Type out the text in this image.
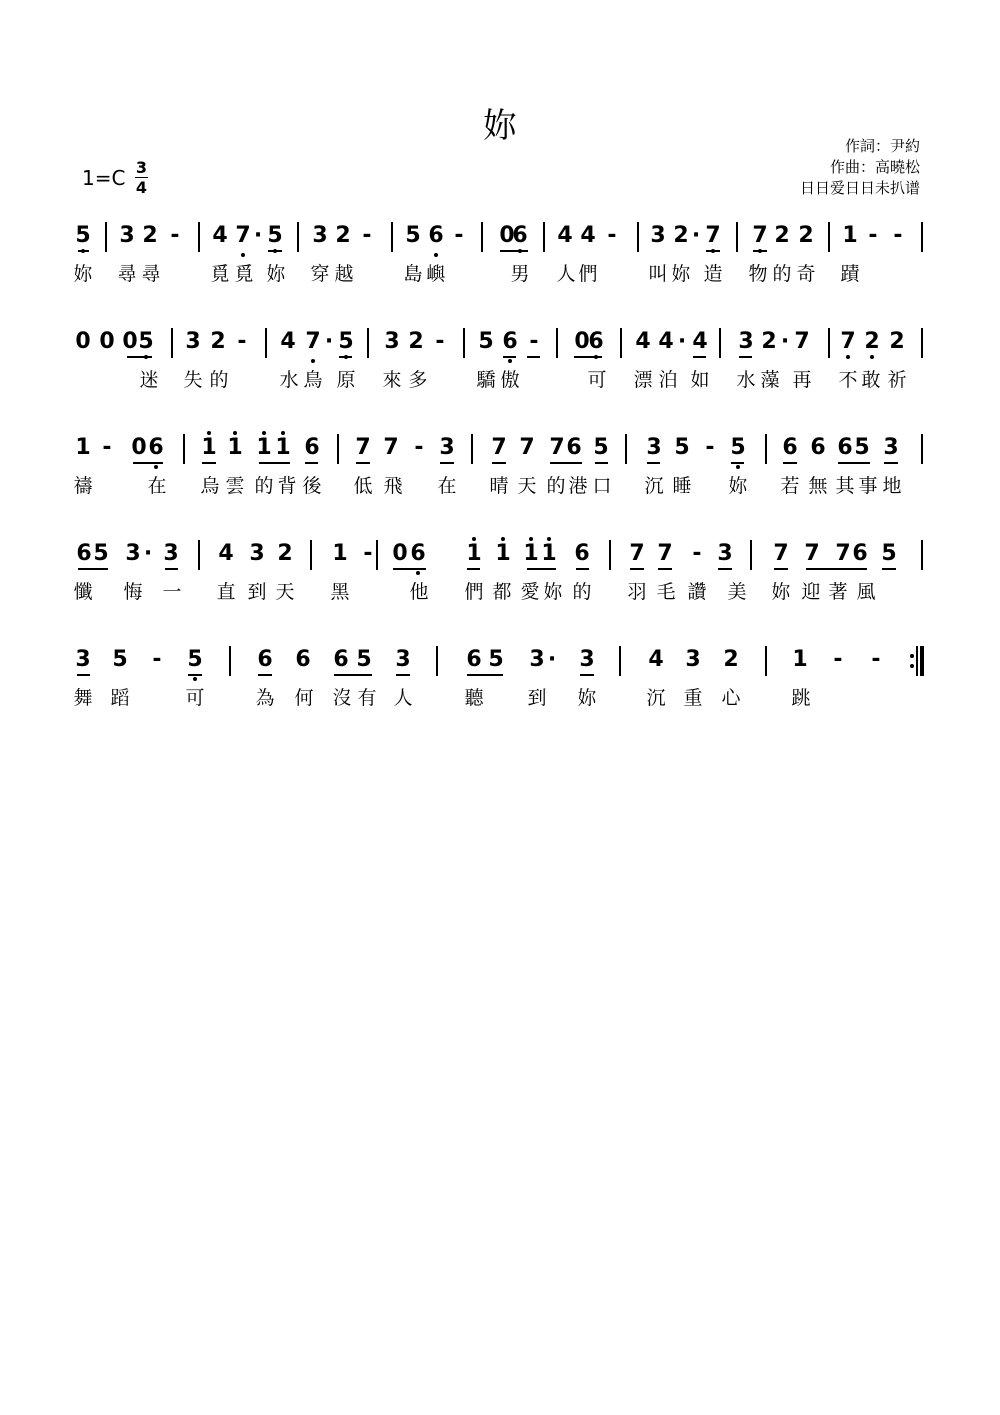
妳	作詞：尹約
作曲：高曉松
日日爱日日未扒谱
$1=C \frac{3}{4}$
5 3 2 - 4 7 · 5 3 2 - 5 6 - 0
6 4 4 - 3 2 · 7 7 2 2 1 - -
妳 尋 尋	覓 覓 妳 穿 越	島 嶼	男 人 們	叫 妳 造 物 的 奇 蹟
0 0 0 5 3 2 - 4 7 · 5 3 2 - 5 6 - 0
6 4 4 · 4 3 2 · 7 7 2 2
迷 失 的	水 鳥 原 來 多	驕 傲	可 漂 泊 如 水 藻 再 不 敢 祈
1 - 0 6 1 1 1 1 6 7 7 - 3 7 7 7 6 5 3 5 - 5 6 6 6 5 3
禱	在 烏 雲 的 背 後 低 飛 在 晴 天 的 港 口 沉 睡 妳 若 無 其 事 地
6 5 3 · 3 4 3 2 1 - 0 6 1 1 1 1 6 7 7 - 3 7 7 7 6 5
懺 悔 一 直 到 天 黑	他 們 都 愛 妳 的 羽 毛 讚 美 妳 迎 著 風
3 5 - 5 6 6 6 5 3	6 5 3 ·	3 4 3 2 1 - -
舞 蹈	可	為 何 沒 有 人	聽 到 妳	沉 重 心	跳
